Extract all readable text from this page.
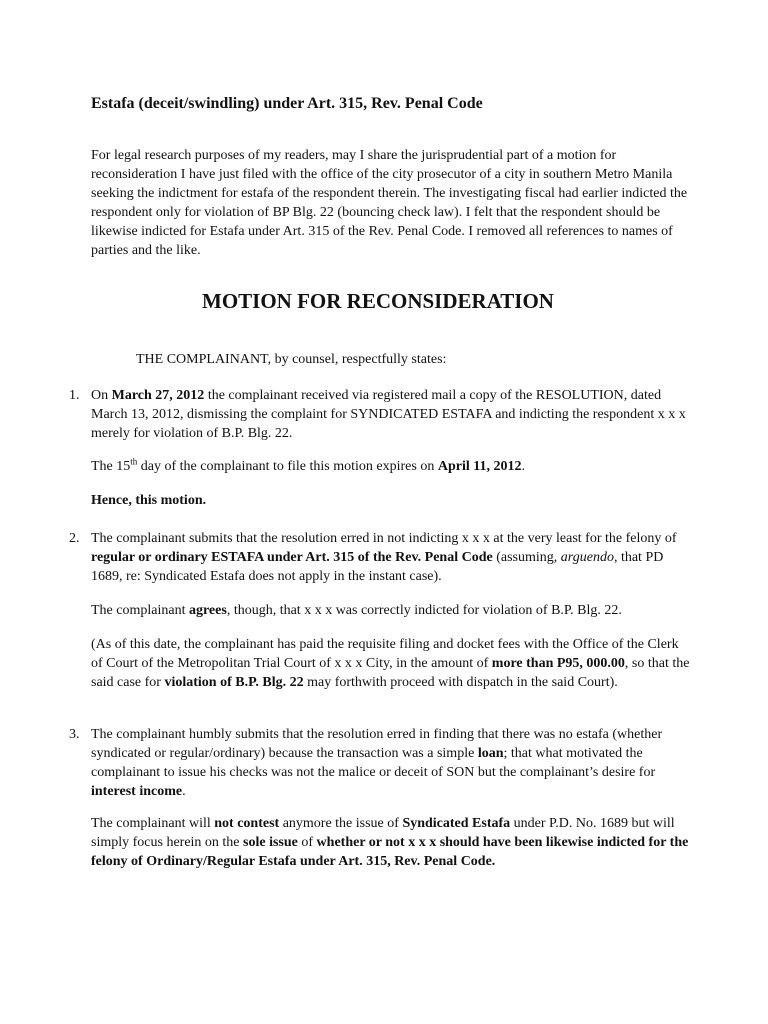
Estafa (deceit/swindling) under Art. 315, Rev. Penal Code

For legal research purposes of my readers, may I share the jurisprudential part of a motion for reconsideration I have just filed with the office of the city prosecutor of a city in southern Metro Manila seeking the indictment for estafa of the respondent therein. The investigating fiscal had earlier indicted the respondent only for violation of BP Blg. 22 (bouncing check law). I felt that the respondent should be likewise indicted for Estafa under Art. 315 of the Rev. Penal Code. I removed all references to names of parties and the like.

MOTION FOR RECONSIDERATION

THE COMPLAINANT, by counsel, respectfully states:

1. On March 27, 2012 the complainant received via registered mail a copy of the RESOLUTION, dated March 13, 2012, dismissing the complaint for SYNDICATED ESTAFA and indicting the respondent x x x merely for violation of B.P. Blg. 22.

The 15th day of the complainant to file this motion expires on April 11, 2012.

Hence, this motion.

2. The complainant submits that the resolution erred in not indicting x x x at the very least for the felony of regular or ordinary ESTAFA under Art. 315 of the Rev. Penal Code (assuming, arguendo, that PD 1689, re: Syndicated Estafa does not apply in the instant case).

The complainant agrees, though, that x x x was correctly indicted for violation of B.P. Blg. 22.

(As of this date, the complainant has paid the requisite filing and docket fees with the Office of the Clerk of Court of the Metropolitan Trial Court of x x x City, in the amount of more than P95, 000.00, so that the said case for violation of B.P. Blg. 22 may forthwith proceed with dispatch in the said Court).

3. The complainant humbly submits that the resolution erred in finding that there was no estafa (whether syndicated or regular/ordinary) because the transaction was a simple loan; that what motivated the complainant to issue his checks was not the malice or deceit of SON but the complainant’s desire for interest income.

The complainant will not contest anymore the issue of Syndicated Estafa under P.D. No. 1689 but will simply focus herein on the sole issue of whether or not x x x should have been likewise indicted for the felony of Ordinary/Regular Estafa under Art. 315, Rev. Penal Code.
